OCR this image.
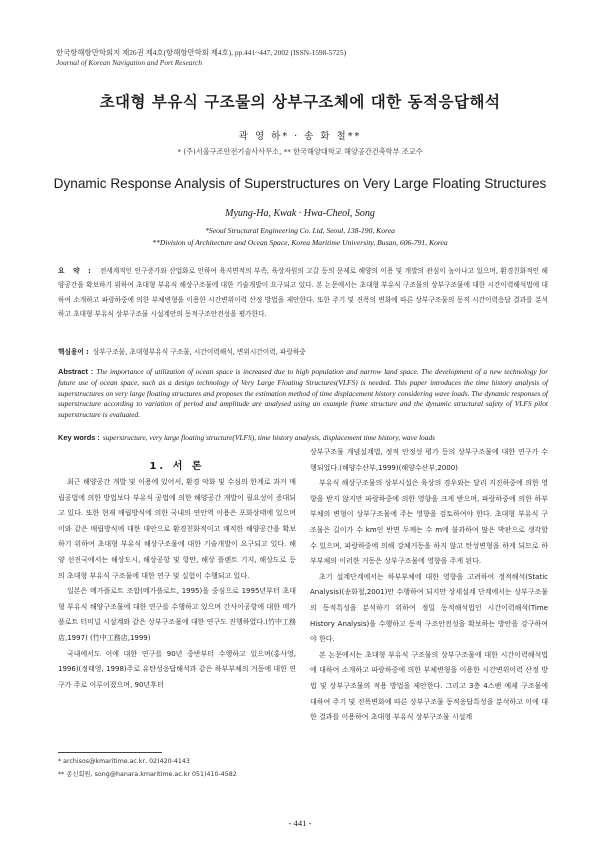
한국항해항만학회지 제26권 제4호(항해항만학회 제4호), pp.441~447, 2002 (ISSN-1598-5725)
Journal of Korean Navigation and Port Research
초대형 부유식 구조물의 상부구조체에 대한 동적응답해석
곽 영 하* · 송 화 철**
* (주)서울구조안전기술사사무소, ** 한국해양대학교 해양공간건축학부 조교수
Dynamic Response Analysis of Superstructures on Very Large Floating Structures
Myung-Ha, Kwak · Hwa-Cheol, Song
*Seoul Structural Engineering Co. Ltd, Seoul, 138-190, Korea
**Division of Architecture and Ocean Space, Korea Maritime University, Busan, 606-791, Korea
요 약 : 전세계적인 인구증가와 산업화로 인하여 육지면적의 부족, 육상자원의 고갈 등의 문제로 해양의 이용 및 개발의 관심이 높아나고 있으며, 환경친화적인 해양공간을 확보하기 위하여 초대형 부유식 해상구조물에 대한 기술개발이 요구되고 있다. 본 논문에서는 초대형 부유식 구조물의 상부구조물에 대한 시간이력해석법에 대하여 소개하고 파랑하중에 의한 부체변형을 이용한 시간변위이력 산정 방법을 제안한다. 또한 주기 및 진폭의 변화에 따른 상부구조물의 동적 시간이력응답 결과를 분석하고 초대형 부유식 상부구조물 시설계안의 동적구조안전성을 평가한다.
핵심용어 : 상부구조물, 초대형부유식 구조물, 시간이력해석, 변위시간이력, 파랑하중
Abstract : The importance of utilization of ocean space is increased due to high population and narrow land space. The development of a new technology for future use of ocean space, such as a design technology of Very Large Floating Structures(VLFS) is needed. This paper introduces the time history analysis of superstructures on very large floating structures and proposes the estimation method of time displacement history considering wave loads. The dynamic responses of superstructure according to variation of period and amplitude are analysed using an example frame structure and the dynamic structural safety of VLFS pilot superstructure is evaluated.
Key words : superstructure, very large floating structure(VLFS), time history analysis, displacement time history, wave loads
1. 서 론

최근 해양공간 개발 및 이용에 있어서, 환경 악화 및 수심의 한계로 과거 매립공법에 의한 방법보다 부유식 공법에 의한 해양공간 개발이 필요성이 증대되고 있다. 또한 현재 매립방식에 의한 국내의 연안역 이용은 포화상태에 있으며 이와 같은 매립방식에 대한 대안으로 환경친화적이고 쾌적한 해양공간을 확보하기 위하여 초대형 부유식 해상구조물에 대한 기술개발이 요구되고 있다. 해양 선진국에서는 해상도시, 해상공항 및 항만, 해상 플랜트 기지, 해상도로 등의 초대형 부유식 구조물에 대한 연구 및 실험이 수행되고 있다.

일본은 메가플로트 조합(메가플로트, 1995)을 중심으로 1995년부터 초대형 부유식 해양구조물에 대한 연구를 수행하고 있으며 간사이공항에 대한 메가플로트 터미널 시설계와 같은 상부구조물에 대한 연구도 진행하였다.(竹中工務店,1997) (竹中工務店,1999)

국내에서도 이에 대한 연구를 90년 중반부터 수행하고 있으며(홍사영, 1996)(정태영, 1998)주로 유탄성응답해석과 같은 하부부체의 거동에 대한 연구가 주로 이루어졌으며, 90년후터

상부구조물 개념설계법, 정적 안정성 평가 등의 상부구조물에 대한 연구가 수행되었다.(해양수산부,1999)(해양수산부,2000)

부유식 해상구조물의 상부시설은 육상의 경우와는 달리 지진하중에 의한 영향을 받지 않지만 파랑하중에 의한 영향을 크게 받으며, 파랑하중에 의한 하부 부체의 변형이 상부구조물에 주는 영향을 검토하여야 한다. 초대형 부유식 구조물은 길이가 수 km인 반면 두께는 수 m에 불과하여 많은 박판으로 생각할 수 있으며, 파랑하중에 의해 강체거동을 하지 않고 탄성변형을 하게 되므로 하부부체의 이러한 거동은 상부구조물에 영향을 주게 된다.

초기 설계단계에서는 하부부체에 대한 영향을 고려하여 정적해석(Static Analysis)(송화철,2001)만 수행하여 되지만 상세설계 단계에서는 상부구조물의 동적특성을 분석하기 위하여 정밀 동적해석법인 시간이력해석(Time History Analysis)을 수행하고 동적 구조안전성을 확보하는 방안을 강구하여야 한다.

본 논문에서는 초대형 부유식 구조물의 상부구조물에 대한 시간이력해석법에 대하여 소개하고 파랑하중에 의한 부체변형을 이용한 시간변위이력 산정 방법 및 상부구조물의 적용 방법을 제안한다. 그리고 3층 4스팬 예제 구조물에 대하여 주기 및 진폭변화에 따른 상부구조물 동적응답특성을 분석하고 이에 대한 결과를 이용하여 초대형 부유식 상부구조물 시설계

* archisos@kmaritime.ac.kr, 02)420-4143
** 종신회원, song@hanara.kmaritime.ac.kr 051)410-4582
- 441 -
